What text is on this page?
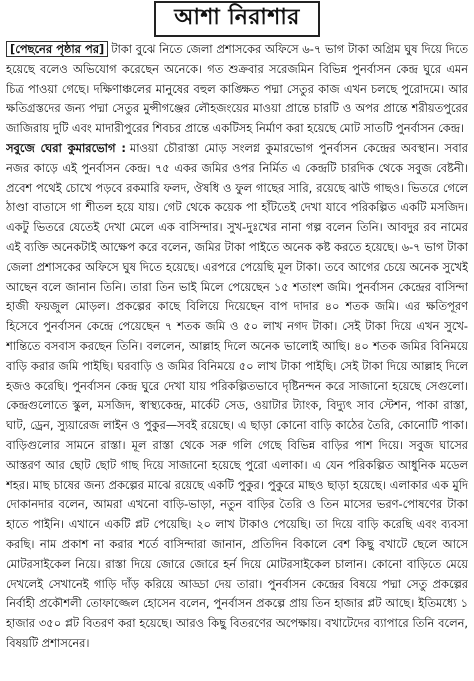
আশা নিরাশার

[পেছনের পৃষ্ঠার পর] টাকা বুঝে নিতে জেলা প্রশাসকের অফিসে ৬-৭ ভাগ টাকা অগ্রিম ঘুষ দিয়ে দিতে হয়েছে বলেও অভিযোগ করেছেন অনেকে। গত শুক্রবার সরেজমিন বিভিন্ন পুনর্বাসন কেন্দ্র ঘুরে এমন চিত্র পাওয়া গেছে। দক্ষিণাঞ্চলের মানুষের বহুল কাঙ্ক্ষিত পদ্মা সেতুর কাজ এখন চলছে পুরোদমে। আর ক্ষতিগ্রস্তদের জন্য পদ্মা সেতুর মুন্সীগঞ্জের লৌহজংয়ের মাওয়া প্রান্তে চারটি ও অপর প্রান্তে শরীয়তপুরের জাজিরায় দুটি এবং মাদারীপুরের শিবচর প্রান্তে একটিসহ নির্মাণ করা হয়েছে মোট সাতটি পুনর্বাসন কেন্দ্র।

সবুজে ঘেরা কুমারভোগ : মাওয়া চৌরাস্তা মোড় সংলগ্ন কুমারভোগ পুনর্বাসন কেন্দ্রের অবস্থান। সবার নজর কাড়ে এই পুনর্বাসন কেন্দ্র। ৭৫ একর জমির ওপর নির্মিত এ কেন্দ্রটি চারদিক থেকে সবুজ বেষ্টনী। প্রবেশ পথেই চোখে পড়বে রকমারি ফলদ, ঔষধি ও ফুল গাছের সারি, রয়েছে ঝাউ গাছও। ভিতরে গেলে ঠাণ্ডা বাতাসে গা শীতল হয়ে যায়। গেট থেকে কয়েক পা হাঁটতেই দেখা যাবে পরিকল্পিত একটি মসজিদ। একটু ভিতরে যেতেই দেখা মেলে এক বাসিন্দার। সুখ-দুঃখের নানা গল্প বলেন তিনি। আবদুর রব নামের এই ব্যক্তি অনেকটাই আক্ষেপ করে বলেন, জমির টাকা পাইতে অনেক কষ্ট করতে হয়েছে। ৬-৭ ভাগ টাকা জেলা প্রশাসকের অফিসে ঘুষ দিতে হয়েছে। এরপরে পেয়েছি মূল টাকা। তবে আগের চেয়ে অনেক সুখেই আছেন বলে জানান তিনি। তারা তিন ভাই মিলে পেয়েছেন ১৫ শতাংশ জমি। পুনর্বাসন কেন্দ্রের বাসিন্দা হাজী ফয়জুল মোড়ল। প্রকল্পের কাছে বিলিয়ে দিয়েছেন বাপ দাদার ৪০ শতক জমি। এর ক্ষতিপূরণ হিসেবে পুনর্বাসন কেন্দ্রে পেয়েছেন ৭ শতক জমি ও ৫০ লাখ নগদ টাকা। সেই টাকা দিয়ে এখন সুখে-শান্তিতে বসবাস করছেন তিনি। বললেন, আল্লাহ দিলে অনেক ভালোই আছি। ৪০ শতক জমির বিনিময়ে বাড়ি করার জমি পাইছি। ঘরবাড়ি ও জমির বিনিময়ে ৫০ লাখ টাকা পাইছি। সেই টাকা দিয়ে আল্লাহ দিলে হজও করেছি। পুনর্বাসন কেন্দ্র ঘুরে দেখা যায় পরিকল্পিতভাবে দৃষ্টিনন্দন করে সাজানো হয়েছে সেগুলো। কেন্দ্রগুলোতে স্কুল, মসজিদ, স্বাস্থ্যকেন্দ্র, মার্কেট সেড, ওয়াটার ট্যাংক, বিদ্যুৎ সাব স্টেশন, পাকা রাস্তা, ঘাট, ড্রেন, স্যুয়ারেজ লাইন ও পুকুর—সবই রয়েছে। এ ছাড়া কোনো বাড়ি কাঠের তৈরি, কোনোটি পাকা। বাড়িগুলোর সামনে রাস্তা। মূল রাস্তা থেকে সরু গলি গেছে বিভিন্ন বাড়ির পাশ দিয়ে। সবুজ ঘাসের আস্তরণ আর ছোট ছোট গাছ দিয়ে সাজানো হয়েছে পুরো এলাকা। এ যেন পরিকল্পিত আধুনিক মডেল শহর। মাছ চাষের জন্য প্রকল্পের মাঝে রয়েছে একটি পুকুর। পুকুরে মাছও ছাড়া হয়েছে। এলাকার এক মুদি দোকানদার বলেন, আমরা এখনো বাড়ি-ভাড়া, নতুন বাড়ির তৈরি ও তিন মাসের ভরণ-পোষণের টাকা হাতে পাইনি। এখানে একটি প্লট পেয়েছি। ২০ লাখ টাকাও পেয়েছি। তা দিয়ে বাড়ি করেছি এবং ব্যবসা করছি। নাম প্রকাশ না করার শর্তে বাসিন্দারা জানান, প্রতিদিন বিকালে বেশ কিছু বখাটে ছেলে আসে মোটরসাইকেল নিয়ে। রাস্তা দিয়ে জোরে জোরে হর্ন দিয়ে মোটরসাইকেল চালান। কোনো বাড়িতে মেয়ে দেখলেই সেখানেই গাড়ি দাঁড় করিয়ে আড্ডা দেয় তারা। পুনর্বাসন কেন্দ্রের বিষয়ে পদ্মা সেতু প্রকল্পের নির্বাহী প্রকৌশলী তোফাজ্জেল হোসেন বলেন, পুনর্বাসন প্রকল্পে প্রায় তিন হাজার প্লট আছে। ইতিমধ্যে ১ হাজার ৩৫০ প্লট বিতরণ করা হয়েছে। আরও কিছু বিতরণের অপেক্ষায়। বখাটেদের ব্যাপারে তিনি বলেন, বিষয়টি প্রশাসনের।
